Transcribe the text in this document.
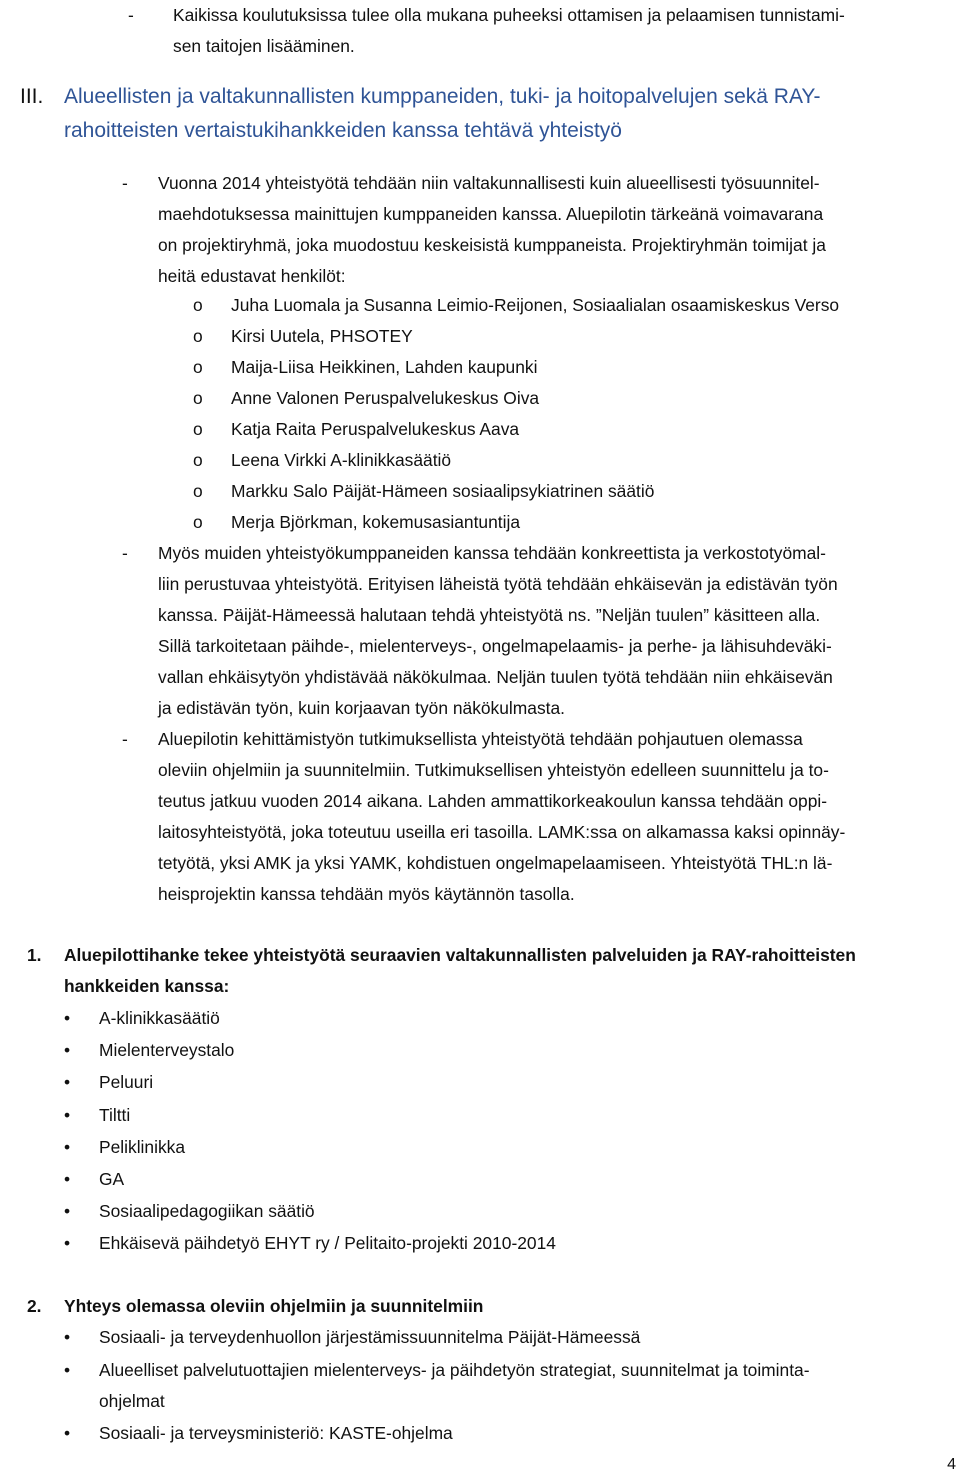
- Kaikissa koulutuksissa tulee olla mukana puheeksi ottamisen ja pelaamisen tunnistami-
sen taitojen lisääminen.
III. Alueellisten ja valtakunnallisten kumppaneiden, tuki- ja hoitopalvelujen sekä RAY-
rahoitteisten vertaistukihankkeiden kanssa tehtävä yhteistyö
- Vuonna 2014 yhteistyötä tehdään niin valtakunnallisesti kuin alueellisesti työsuunnitel-
maehdotuksessa mainittujen kumppaneiden kanssa. Aluepilotin tärkeänä voimavarana
on projektiryhmä, joka muodostuu keskeisistä kumppaneista. Projektiryhmän toimijat ja
heitä edustavat henkilöt:
o
o
o
o
o
o
o
o
Juha Luomala ja Susanna Leimio-Reijonen, Sosiaalialan osaamiskeskus Verso
Kirsi Uutela, PHSOTEY
Maija-Liisa Heikkinen, Lahden kaupunki
Anne Valonen Peruspalvelukeskus Oiva
Katja Raita Peruspalvelukeskus Aava
Leena Virkki A-klinikkasäätiö
Markku Salo Päijät-Hämeen sosiaalipsykiatrinen säätiö
Merja Björkman, kokemusasiantuntija
- Myös muiden yhteistyökumppaneiden kanssa tehdään konkreettista ja verkostotyömal-
liin perustuvaa yhteistyötä. Erityisen läheistä työtä tehdään ehkäisevän ja edistävän työn
kanssa. Päijät-Hämeessä halutaan tehdä yhteistyötä ns. ”Neljän tuulen” käsitteen alla.
Sillä tarkoitetaan päihde-, mielenterveys-, ongelmapelaamis- ja perhe- ja lähisuhdeväki-
vallan ehkäisytyön yhdistävää näkökulmaa. Neljän tuulen työtä tehdään niin ehkäisevän
ja edistävän työn, kuin korjaavan työn näkökulmasta.
- Aluepilotin kehittämistyön tutkimuksellista yhteistyötä tehdään pohjautuen olemassa
oleviin ohjelmiin ja suunnitelmiin. Tutkimuksellisen yhteistyön edelleen suunnittelu ja to-
teutus jatkuu vuoden 2014 aikana. Lahden ammattikorkeakoulun kanssa tehdään oppi-
laitosyhteistyötä, joka toteutuu useilla eri tasoilla. LAMK:ssa on alkamassa kaksi opinnäy-
tetyötä, yksi AMK ja yksi YAMK, kohdistuen ongelmapelaamiseen. Yhteistyötä THL:n lä-
heisprojektin kanssa tehdään myös käytännön tasolla.
1. Aluepilottihanke tekee yhteistyötä seuraavien valtakunnallisten palveluiden ja RAY-rahoitteisten
hankkeiden kanssa:
•
•
•
•
•
•
•
•
A-klinikkasäätiö
Mielenterveystalo
Peluuri
Tiltti
Peliklinikka
GA
Sosiaalipedagogiikan säätiö
Ehkäisevä päihdetyö EHYT ry / Pelitaito-projekti 2010-2014
2. Yhteys olemassa oleviin ohjelmiin ja suunnitelmiin
• Sosiaali- ja terveydenhuollon järjestämissuunnitelma Päijät-Hämeessä
• Alueelliset palvelutuottajien mielenterveys- ja päihdetyön strategiat, suunnitelmat ja toiminta-
ohjelmat
• Sosiaali- ja terveysministeriö: KASTE-ohjelma
4
